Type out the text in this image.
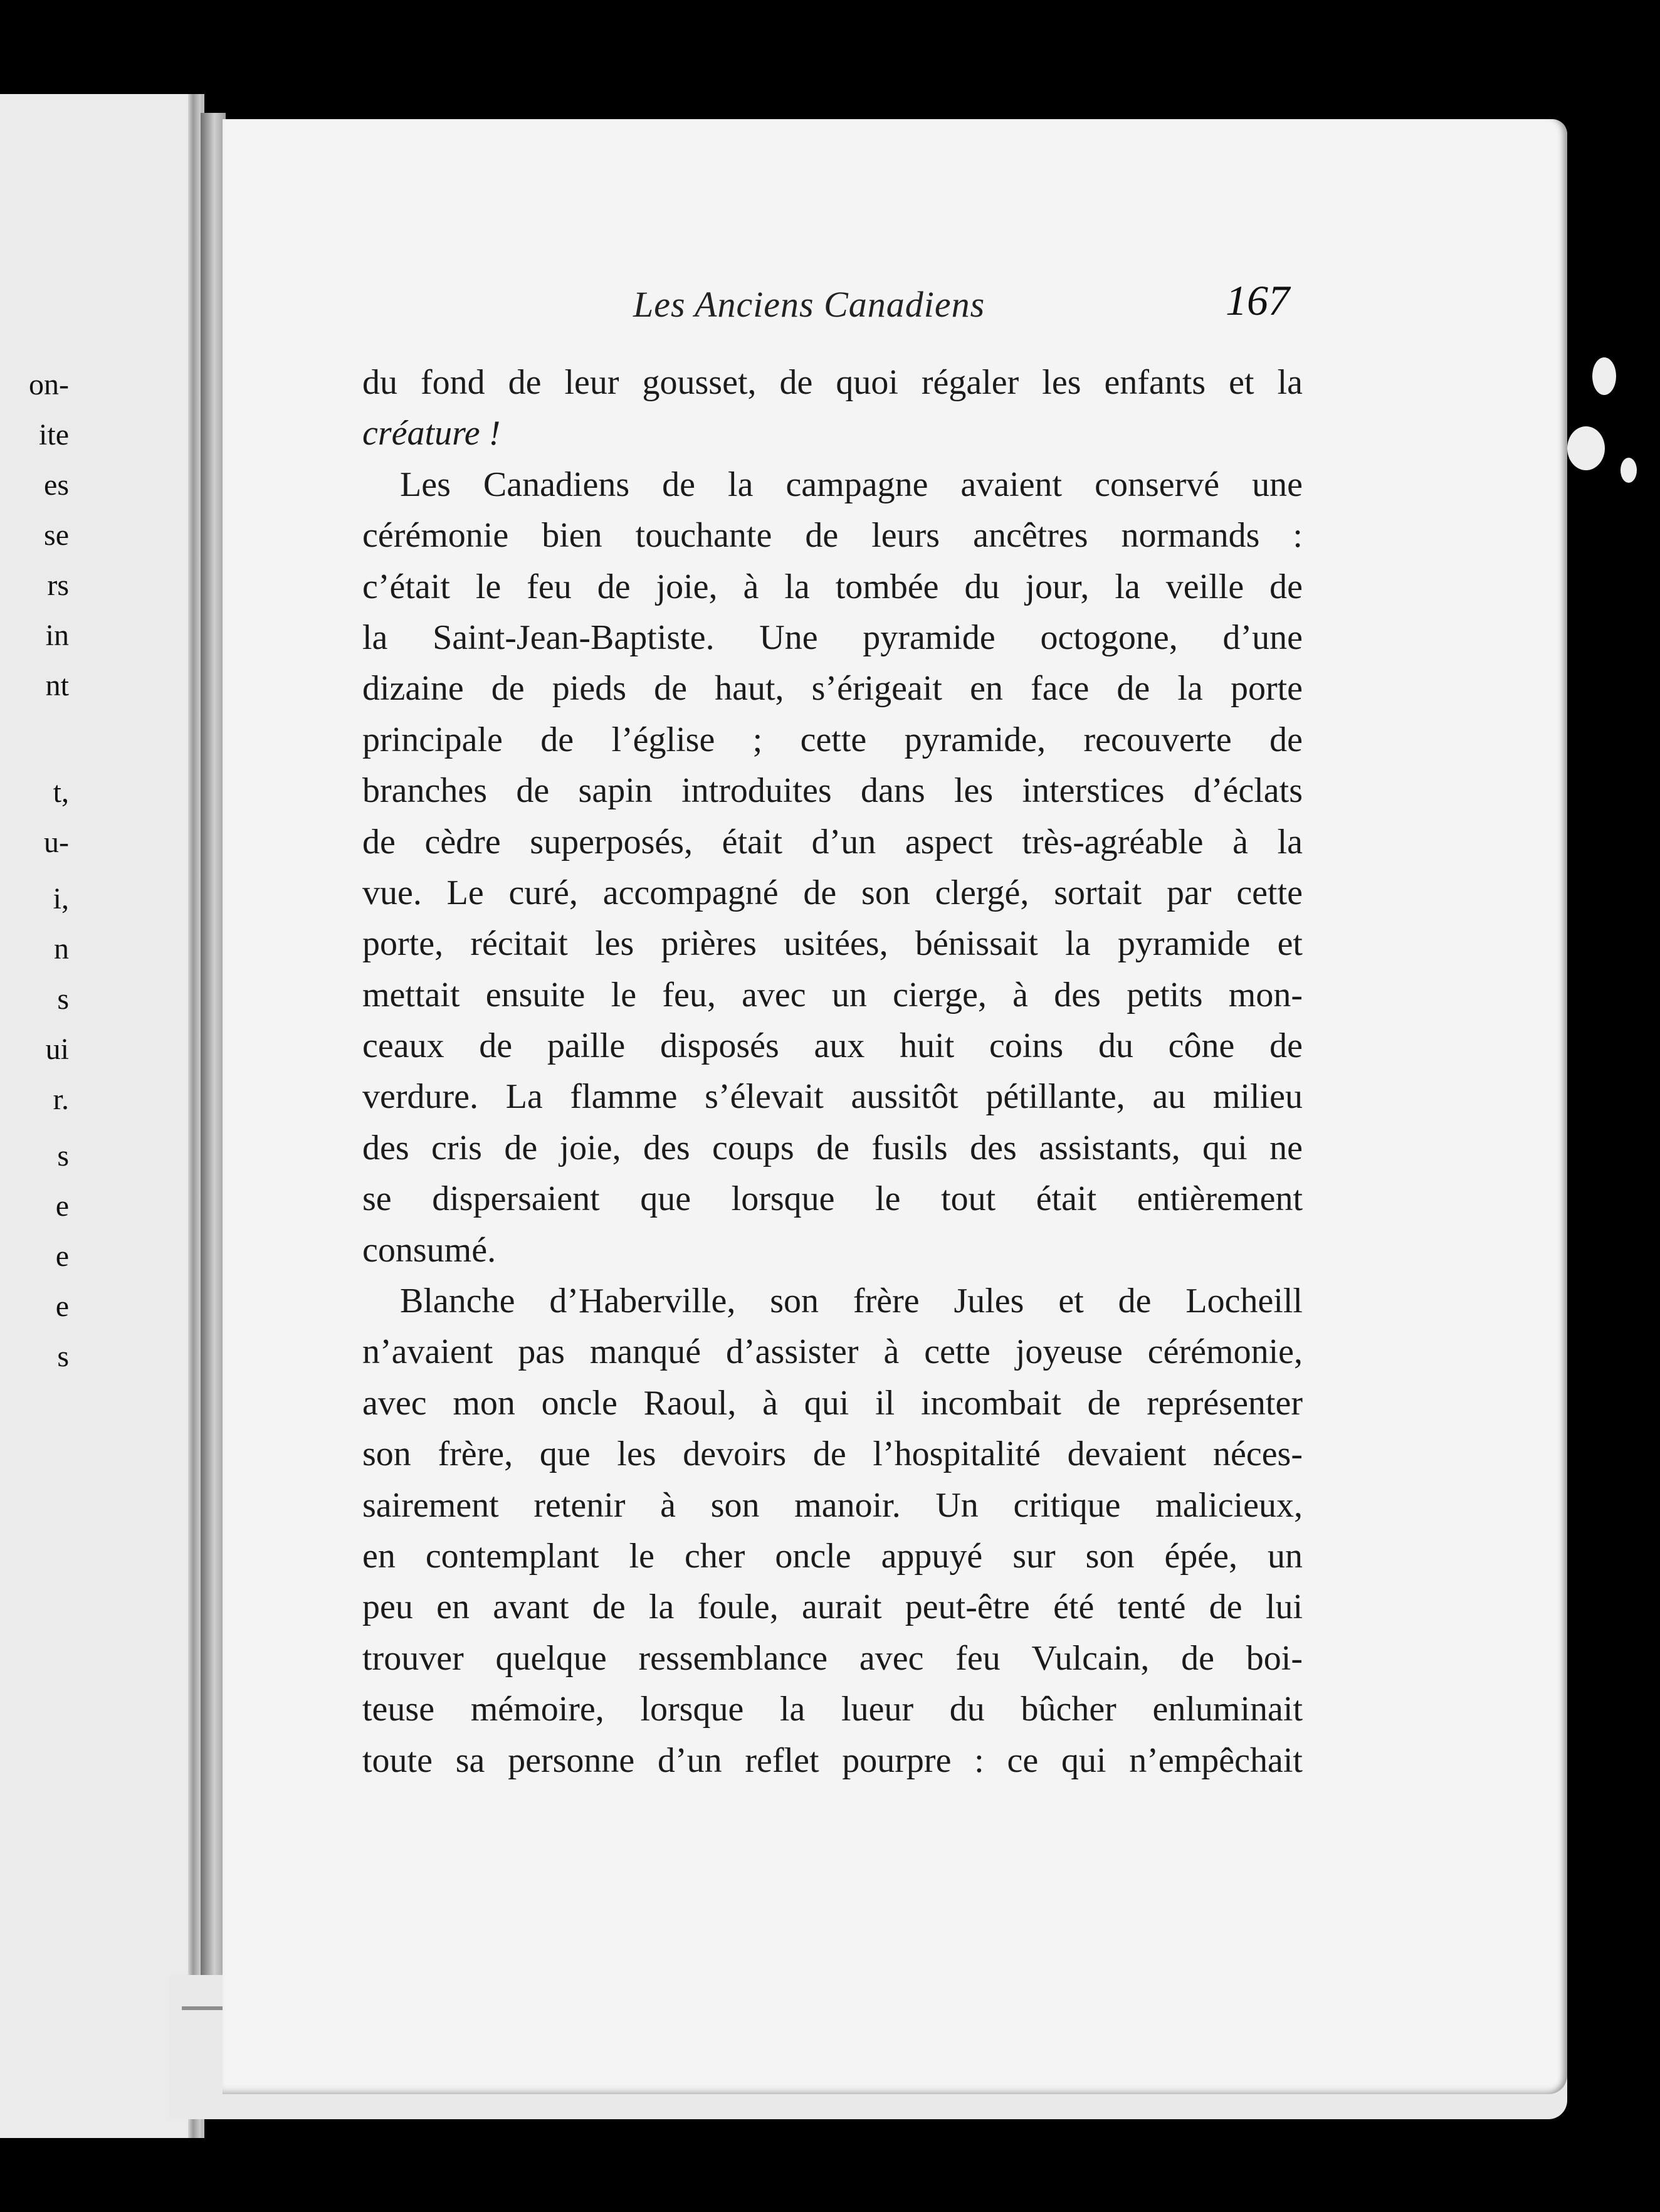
on-
ite
es
se
rs
in
nt
t,
u-
i,
n
s
ui
r.
s
e
e
e
s
Les Anciens Canadiens	167
du fond de leur gousset, de quoi régaler les enfants et la
créature !
Les Canadiens de la campagne avaient conservé une
cérémonie bien touchante de leurs ancêtres normands :
c’était le feu de joie, à la tombée du jour, la veille de
la Saint-Jean-Baptiste. Une pyramide octogone, d’une
dizaine de pieds de haut, s’érigeait en face de la porte
principale de l’église ; cette pyramide, recouverte de
branches de sapin introduites dans les interstices d’éclats
de cèdre superposés, était d’un aspect très-agréable à la
vue. Le curé, accompagné de son clergé, sortait par cette
porte, récitait les prières usitées, bénissait la pyramide et
mettait ensuite le feu, avec un cierge, à des petits mon-
ceaux de paille disposés aux huit coins du cône de
verdure. La flamme s’élevait aussitôt pétillante, au milieu
des cris de joie, des coups de fusils des assistants, qui ne
se dispersaient que lorsque le tout était entièrement
consumé.
Blanche d’Haberville, son frère Jules et de Locheill
n’avaient pas manqué d’assister à cette joyeuse cérémonie,
avec mon oncle Raoul, à qui il incombait de représenter
son frère, que les devoirs de l’hospitalité devaient néces-
sairement retenir à son manoir. Un critique malicieux,
en contemplant le cher oncle appuyé sur son épée, un
peu en avant de la foule, aurait peut-être été tenté de lui
trouver quelque ressemblance avec feu Vulcain, de boi-
teuse mémoire, lorsque la lueur du bûcher enluminait
toute sa personne d’un reflet pourpre : ce qui n’empêchait
